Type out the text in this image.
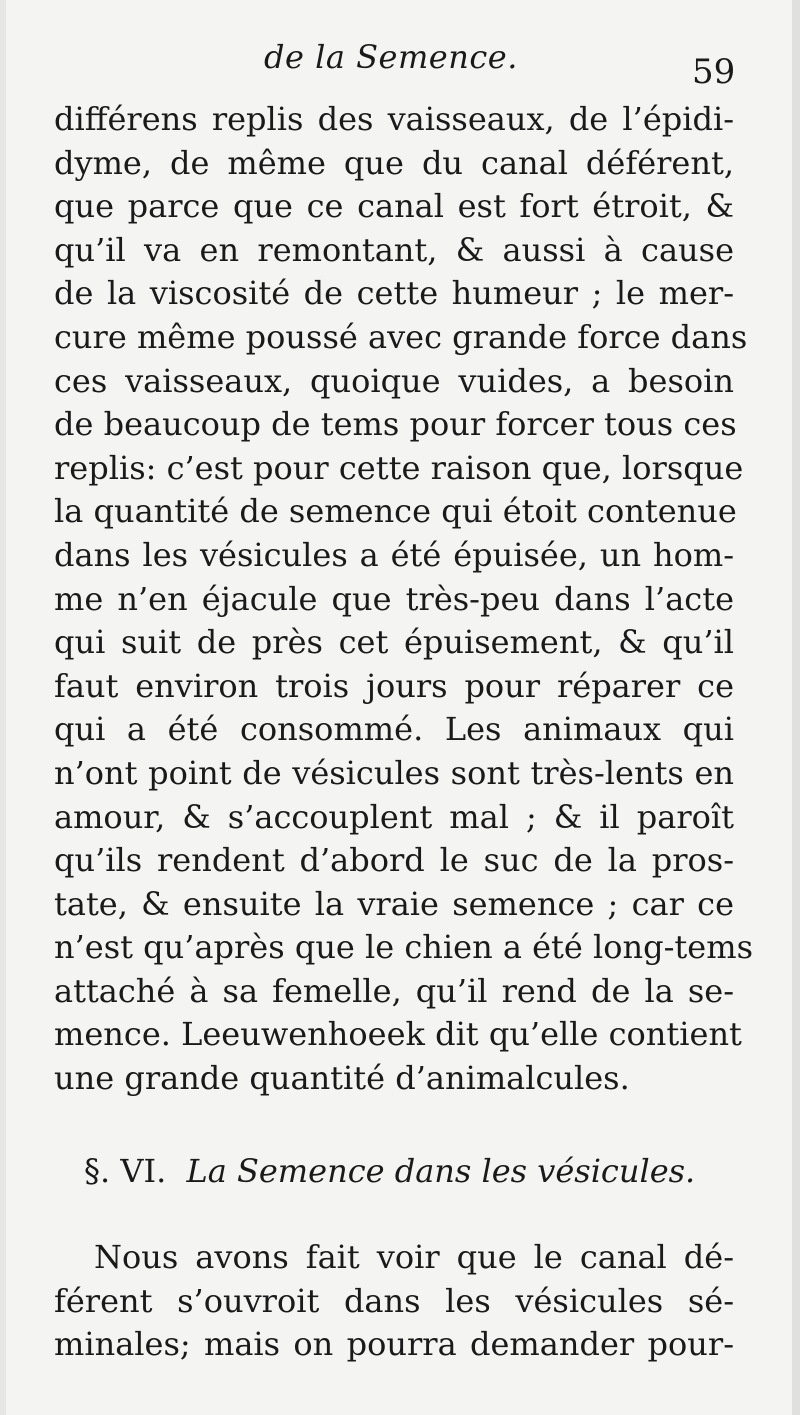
de la Semence.	59
différens replis des vaisseaux, de l’épidi-
dyme, de même que du canal déférent,
que parce que ce canal est fort étroit, &
qu’il va en remontant, & aussi à cause
de la viscosité de cette humeur ; le mer-
cure même poussé avec grande force dans
ces vaisseaux, quoique vuides, a besoin
de beaucoup de tems pour forcer tous ces
replis: c’est pour cette raison que, lorsque
la quantité de semence qui étoit contenue
dans les vésicules a été épuisée, un hom-
me n’en éjacule que très-peu dans l’acte
qui suit de près cet épuisement, & qu’il
faut environ trois jours pour réparer ce
qui a été consommé. Les animaux qui
n’ont point de vésicules sont très-lents en
amour, & s’accouplent mal ; & il paroît
qu’ils rendent d’abord le suc de la pros-
tate, & ensuite la vraie semence ; car ce
n’est qu’après que le chien a été long-tems
attaché à sa femelle, qu’il rend de la se-
mence. Leeuwenhoeek dit qu’elle contient
une grande quantité d’animalcules.
§. VI. La Semence dans les vésicules.
Nous avons fait voir que le canal dé-
férent s’ouvroit dans les vésicules sé-
minales; mais on pourra demander pour-
